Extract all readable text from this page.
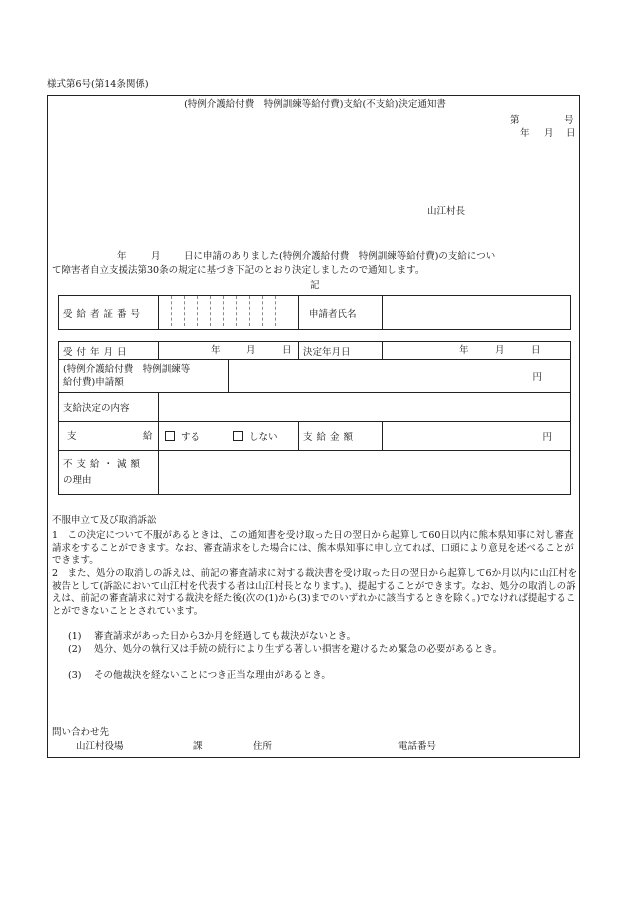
様式第6号(第14条関係)
(特例介護給付費　特例訓練等給付費)支給(不支給)決定通知書
第	号
年 月 日
山江村長
年	月 日に申請のありました(特例介護給付費　特例訓練等給付費)の支給につい
て障害者自立支援法第30条の規定に基づき下記のとおり決定しましたので通知します。
記
受給者証番号		申請者氏名	
受付年月日	年 月 日		決定年月日	年 月 日

(特例介護給付費　特例訓練等
給付費)申請額		円		
支給決定の内容				

支 給	する しない		支給金額	円

不支給・減額
の理由				

不服申立て及び取消訴訟
1　この決定について不服があるときは、この通知書を受け取った日の翌日から起算して60日以内に熊本県知事に対し審査請求をすることができます。なお、審査請求をした場合には、熊本県知事に申し立てれば、口頭により意見を述べることができます。
2　また、処分の取消しの訴えは、前記の審査請求に対する裁決書を受け取った日の翌日から起算して6か月以内に山江村を被告として(訴訟において山江村を代表する者は山江村長となります。)、提起することができます。なお、処分の取消しの訴えは、前記の審査請求に対する裁決を経た後(次の(1)から(3)までのいずれかに該当するときを除く。)でなければ提起することができないこととされています。
(1) 審査請求があった日から3か月を経過しても裁決がないとき。
(2) 処分、処分の執行又は手続の続行により生ずる著しい損害を避けるため緊急の必要があるとき。
(3) その他裁決を経ないことにつき正当な理由があるとき。
問い合わせ先
山江村役場	課	住所	電話番号
